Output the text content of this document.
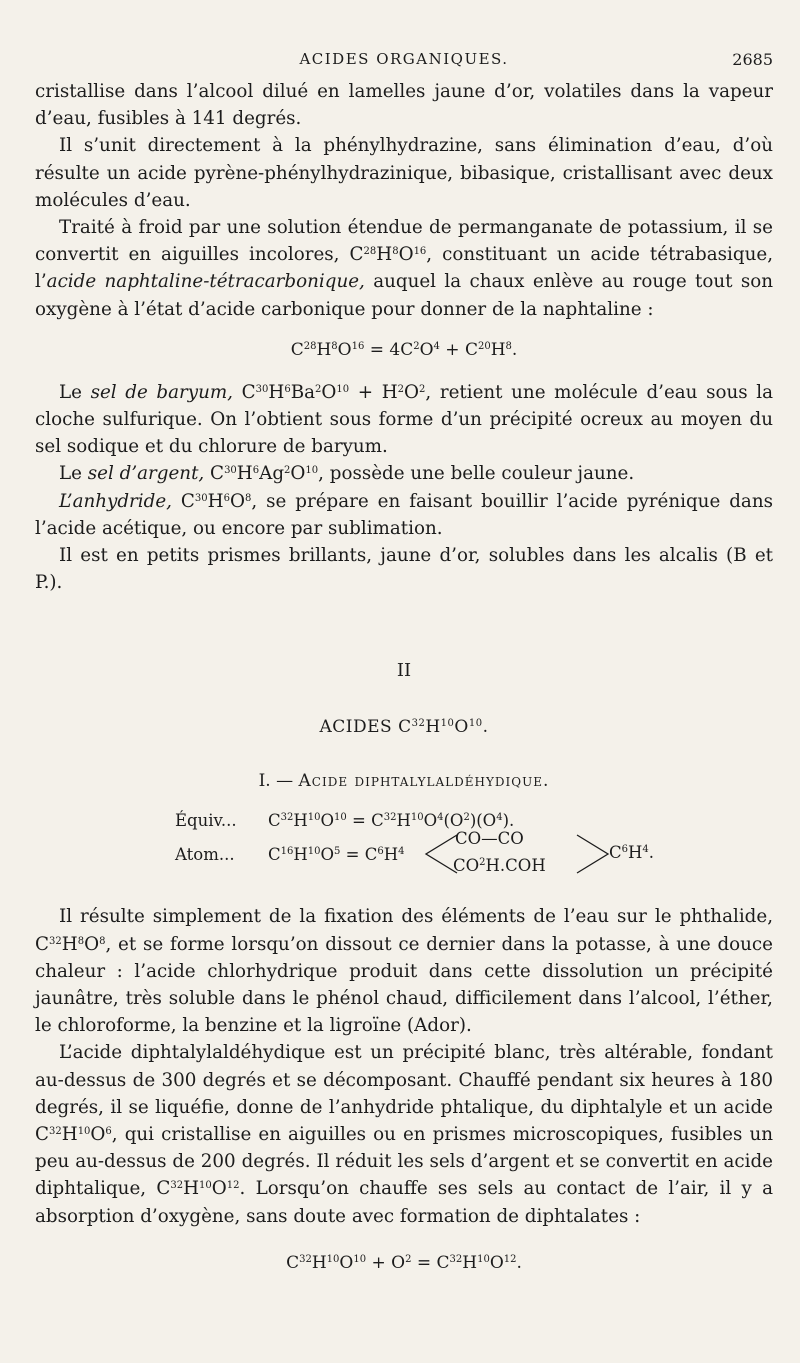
ACIDES ORGANIQUES.	2685

cristallise dans l’alcool dilué en lamelles jaune d’or, volatiles dans la vapeur d’eau, fusibles à 141 degrés.

Il s’unit directement à la phénylhydrazine, sans élimination d’eau, d’où résulte un acide pyrène-phénylhydrazinique, bibasique, cristallisant avec deux molécules d’eau.

Traité à froid par une solution étendue de permanganate de potassium, il se convertit en aiguilles incolores, $C^{28}H^8O^{16}$, constituant un acide tétrabasique, l’acide naphtaline-tétracarbonique, auquel la chaux enlève au rouge tout son oxygène à l’état d’acide carbonique pour donner de la naphtaline :

$C^{28}H^8O^{16} = 4C^2O^4 + C^{20}H^8$.

Le sel de baryum, $C^{30}H^6Ba^2O^{10} + H^2O^2$, retient une molécule d’eau sous la cloche sulfurique. On l’obtient sous forme d’un précipité ocreux au moyen du sel sodique et du chlorure de baryum.

Le sel d’argent, $C^{30}H^6Ag^2O^{10}$, possède une belle couleur jaune.

L’anhydride, $C^{30}H^6O^8$, se prépare en faisant bouillir l’acide pyrénique dans l’acide acétique, ou encore par sublimation.

Il est en petits prismes brillants, jaune d’or, solubles dans les alcalis (B et P.).

II
ACIDES $C^{32}H^{10}O^{10}$.
I. — Acide diphtalylaldéhydique.
Équiv... $C^{32}H^{10}O^{10} = C^{32}H^{10}O^4(O^2)(O^4)$.
Atom... $C^{16}H^{10}O^5 = C^6H^4$
CO—CO
$CO^2H.COH$
$C^6H^4$.

Il résulte simplement de la fixation des éléments de l’eau sur le phthalide, $C^{32}H^8O^8$, et se forme lorsqu’on dissout ce dernier dans la potasse, à une douce chaleur : l’acide chlorhydrique produit dans cette dissolution un précipité jaunâtre, très soluble dans le phénol chaud, difficilement dans l’alcool, l’éther, le chloroforme, la benzine et la ligroïne (Ador).

L’acide diphtalylaldéhydique est un précipité blanc, très altérable, fondant au-dessus de 300 degrés et se décomposant. Chauffé pendant six heures à 180 degrés, il se liquéfie, donne de l’anhydride phtalique, du diphtalyle et un acide $C^{32}H^{10}O^6$, qui cristallise en aiguilles ou en prismes microscopiques, fusibles un peu au-dessus de 200 degrés. Il réduit les sels d’argent et se convertit en acide diphtalique, $C^{32}H^{10}O^{12}$. Lorsqu’on chauffe ses sels au contact de l’air, il y a absorption d’oxygène, sans doute avec formation de diphtalates :

$C^{32}H^{10}O^{10} + O^2 = C^{32}H^{10}O^{12}$.
